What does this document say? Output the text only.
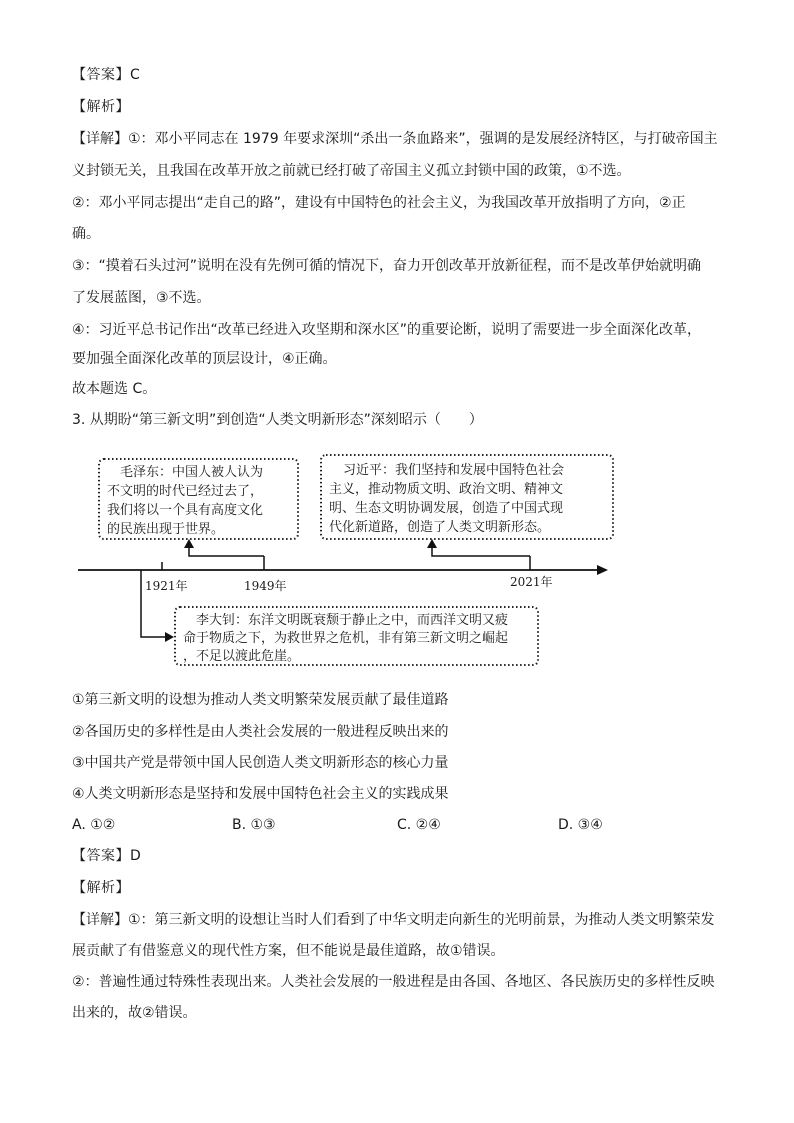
【答案】C
【解析】
【详解】①：邓小平同志在 1979 年要求深圳“杀出一条血路来”，强调的是发展经济特区，与打破帝国主
义封锁无关，且我国在改革开放之前就已经打破了帝国主义孤立封锁中国的政策，①不选。
②：邓小平同志提出“走自己的路”，建设有中国特色的社会主义，为我国改革开放指明了方向，②正
确。
③：“摸着石头过河”说明在没有先例可循的情况下，奋力开创改革开放新征程，而不是改革伊始就明确
了发展蓝图，③不选。
④：习近平总书记作出“改革已经进入攻坚期和深水区”的重要论断，说明了需要进一步全面深化改革，
要加强全面深化改革的顶层设计，④正确。
故本题选 C。
3. 从期盼“第三新文明”到创造“人类文明新形态”深刻昭示（　　）
毛泽东：中国人被人认为
不文明的时代已经过去了，
我们将以一个具有高度文化
的民族出现于世界。
习近平：我们坚持和发展中国特色社会
主义，推动物质文明、政治文明、精神文
明、生态文明协调发展，创造了中国式现
代化新道路，创造了人类文明新形态。
李大钊：东洋文明既衰颓于静止之中，而西洋文明又疲
命于物质之下，为救世界之危机，非有第三新文明之崛起
，不足以渡此危崖。
1921年	1949年	2021年
①第三新文明的设想为推动人类文明繁荣发展贡献了最佳道路
②各国历史的多样性是由人类社会发展的一般进程反映出来的
③中国共产党是带领中国人民创造人类文明新形态的核心力量
④人类文明新形态是坚持和发展中国特色社会主义的实践成果
A. ①②	B. ①③	C. ②④	D. ③④
【答案】D
【解析】
【详解】①：第三新文明的设想让当时人们看到了中华文明走向新生的光明前景，为推动人类文明繁荣发
展贡献了有借鉴意义的现代性方案，但不能说是最佳道路，故①错误。
②：普遍性通过特殊性表现出来。人类社会发展的一般进程是由各国、各地区、各民族历史的多样性反映
出来的，故②错误。
